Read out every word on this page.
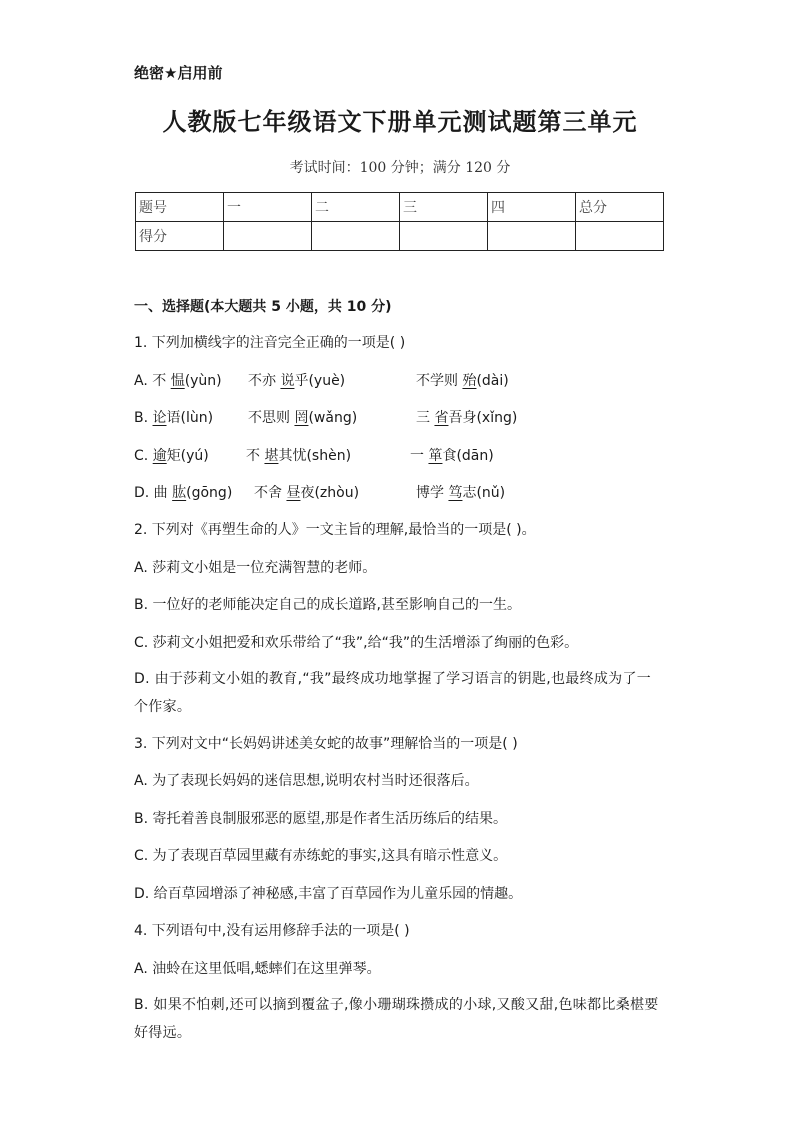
绝密★启用前
人教版七年级语文下册单元测试题第三单元
考试时间：100 分钟；满分 120 分
题号	一	二	三	四	总分
得分					
一、选择题(本大题共 5 小题，共 10 分)
1. 下列加横线字的注音完全正确的一项是( )
A. 不 愠(yùn) 不亦 说乎(yuè)	不学则 殆(dài)
B. 论语(lùn) 不思则 罔(wǎng)	三 省吾身(xǐng)
C. 逾矩(yú)	不 堪其忧(shèn)	一 箪食(dān)
D. 曲 肱(gōng) 不舍 昼夜(zhòu)	博学 笃志(nǔ)
2. 下列对《再塑生命的人》一文主旨的理解,最恰当的一项是( )。
A. 莎莉文小姐是一位充满智慧的老师。
B. 一位好的老师能决定自己的成长道路,甚至影响自己的一生。
C. 莎莉文小姐把爱和欢乐带给了“我”,给“我”的生活增添了绚丽的色彩。
D. 由于莎莉文小姐的教育,“我”最终成功地掌握了学习语言的钥匙,也最终成为了一个作家。
3. 下列对文中“长妈妈讲述美女蛇的故事”理解恰当的一项是( )
A. 为了表现长妈妈的迷信思想,说明农村当时还很落后。
B. 寄托着善良制服邪恶的愿望,那是作者生活历练后的结果。
C. 为了表现百草园里藏有赤练蛇的事实,这具有暗示性意义。
D. 给百草园增添了神秘感,丰富了百草园作为儿童乐园的情趣。
4. 下列语句中,没有运用修辞手法的一项是( )
A. 油蛉在这里低唱,蟋蟀们在这里弹琴。
B. 如果不怕刺,还可以摘到覆盆子,像小珊瑚珠攒成的小球,又酸又甜,色味都比桑椹要好得远。
